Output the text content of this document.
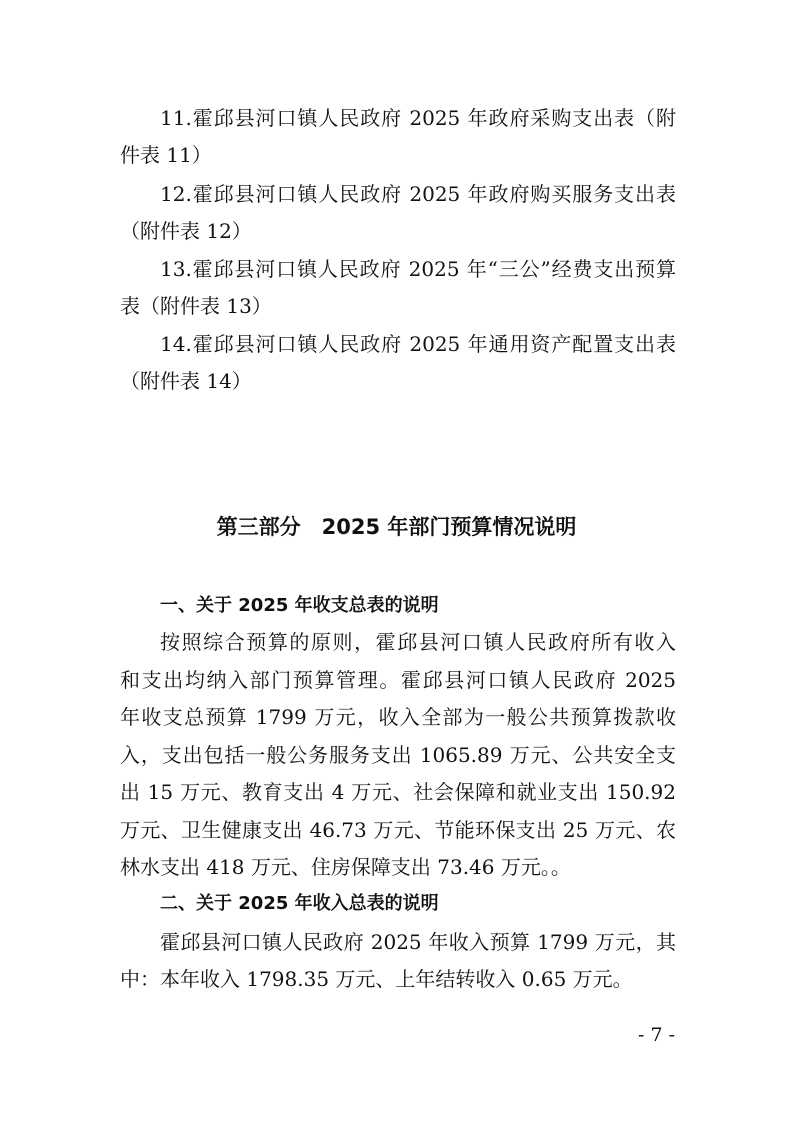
11.霍邱县河口镇人民政府 2025 年政府采购支出表（附
件表 11）
12.霍邱县河口镇人民政府 2025 年政府购买服务支出表
（附件表 12）
13.霍邱县河口镇人民政府 2025 年“三公”经费支出预算
表（附件表 13）
14.霍邱县河口镇人民政府 2025 年通用资产配置支出表
（附件表 14）
第三部分　2025 年部门预算情况说明
一、关于 2025 年收支总表的说明
按照综合预算的原则，霍邱县河口镇人民政府所有收入
和支出均纳入部门预算管理。霍邱县河口镇人民政府 2025
年收支总预算 1799 万元，收入全部为一般公共预算拨款收
入，支出包括一般公务服务支出 1065.89 万元、公共安全支
出 15 万元、教育支出 4 万元、社会保障和就业支出 150.92
万元、卫生健康支出 46.73 万元、节能环保支出 25 万元、农
林水支出 418 万元、住房保障支出 73.46 万元。。
二、关于 2025 年收入总表的说明
霍邱县河口镇人民政府 2025 年收入预算 1799 万元，其
中：本年收入 1798.35 万元、上年结转收入 0.65 万元。
- 7 -
